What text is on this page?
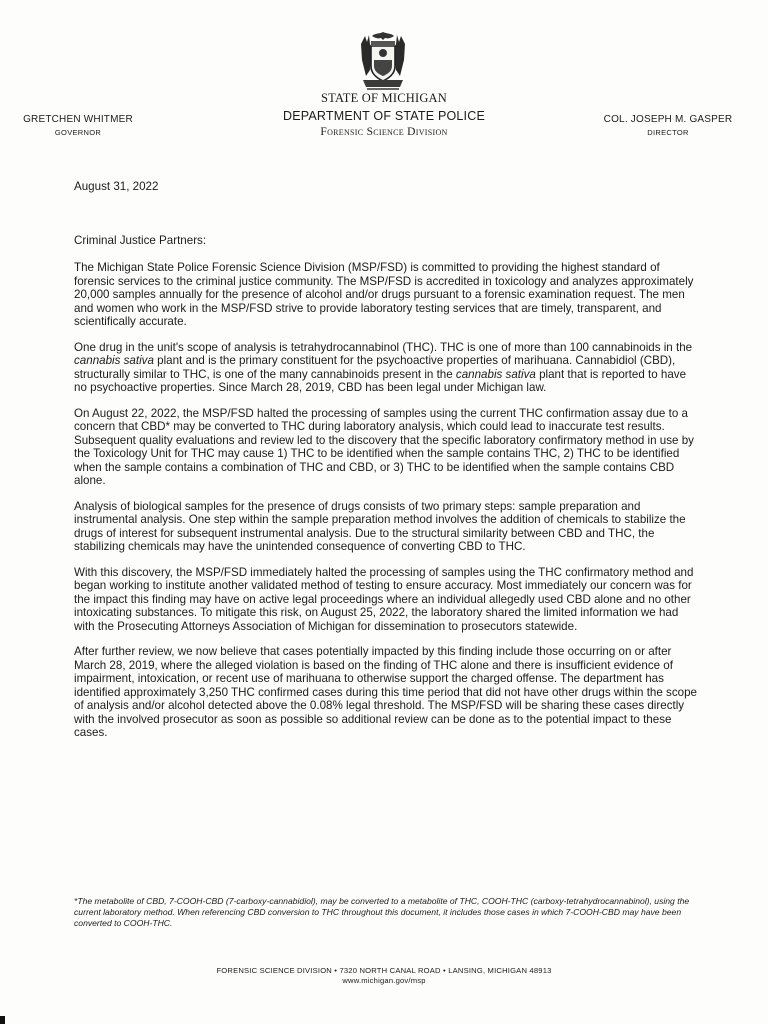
STATE OF MICHIGAN
DEPARTMENT OF STATE POLICE
Forensic Science Division
GRETCHEN WHITMER
GOVERNOR
COL. JOSEPH M. GASPER
DIRECTOR

August 31, 2022

Criminal Justice Partners:

The Michigan State Police Forensic Science Division (MSP/FSD) is committed to providing the highest standard of forensic services to the criminal justice community. The MSP/FSD is accredited in toxicology and analyzes approximately 20,000 samples annually for the presence of alcohol and/or drugs pursuant to a forensic examination request. The men and women who work in the MSP/FSD strive to provide laboratory testing services that are timely, transparent, and scientifically accurate.

One drug in the unit's scope of analysis is tetrahydrocannabinol (THC). THC is one of more than 100 cannabinoids in the cannabis sativa plant and is the primary constituent for the psychoactive properties of marihuana. Cannabidiol (CBD), structurally similar to THC, is one of the many cannabinoids present in the cannabis sativa plant that is reported to have no psychoactive properties. Since March 28, 2019, CBD has been legal under Michigan law.

On August 22, 2022, the MSP/FSD halted the processing of samples using the current THC confirmation assay due to a concern that CBD* may be converted to THC during laboratory analysis, which could lead to inaccurate test results. Subsequent quality evaluations and review led to the discovery that the specific laboratory confirmatory method in use by the Toxicology Unit for THC may cause 1) THC to be identified when the sample contains THC, 2) THC to be identified when the sample contains a combination of THC and CBD, or 3) THC to be identified when the sample contains CBD alone.

Analysis of biological samples for the presence of drugs consists of two primary steps: sample preparation and instrumental analysis. One step within the sample preparation method involves the addition of chemicals to stabilize the drugs of interest for subsequent instrumental analysis. Due to the structural similarity between CBD and THC, the stabilizing chemicals may have the unintended consequence of converting CBD to THC.

With this discovery, the MSP/FSD immediately halted the processing of samples using the THC confirmatory method and began working to institute another validated method of testing to ensure accuracy. Most immediately our concern was for the impact this finding may have on active legal proceedings where an individual allegedly used CBD alone and no other intoxicating substances. To mitigate this risk, on August 25, 2022, the laboratory shared the limited information we had with the Prosecuting Attorneys Association of Michigan for dissemination to prosecutors statewide.

After further review, we now believe that cases potentially impacted by this finding include those occurring on or after March 28, 2019, where the alleged violation is based on the finding of THC alone and there is insufficient evidence of impairment, intoxication, or recent use of marihuana to otherwise support the charged offense. The department has identified approximately 3,250 THC confirmed cases during this time period that did not have other drugs within the scope of analysis and/or alcohol detected above the 0.08% legal threshold. The MSP/FSD will be sharing these cases directly with the involved prosecutor as soon as possible so additional review can be done as to the potential impact to these cases.

*The metabolite of CBD, 7-COOH-CBD (7-carboxy-cannabidiol), may be converted to a metabolite of THC, COOH-THC (carboxy-tetrahydrocannabinol), using the current laboratory method. When referencing CBD conversion to THC throughout this document, it includes those cases in which 7-COOH-CBD may have been converted to COOH-THC.
FORENSIC SCIENCE DIVISION • 7320 NORTH CANAL ROAD • LANSING, MICHIGAN 48913
www.michigan.gov/msp
